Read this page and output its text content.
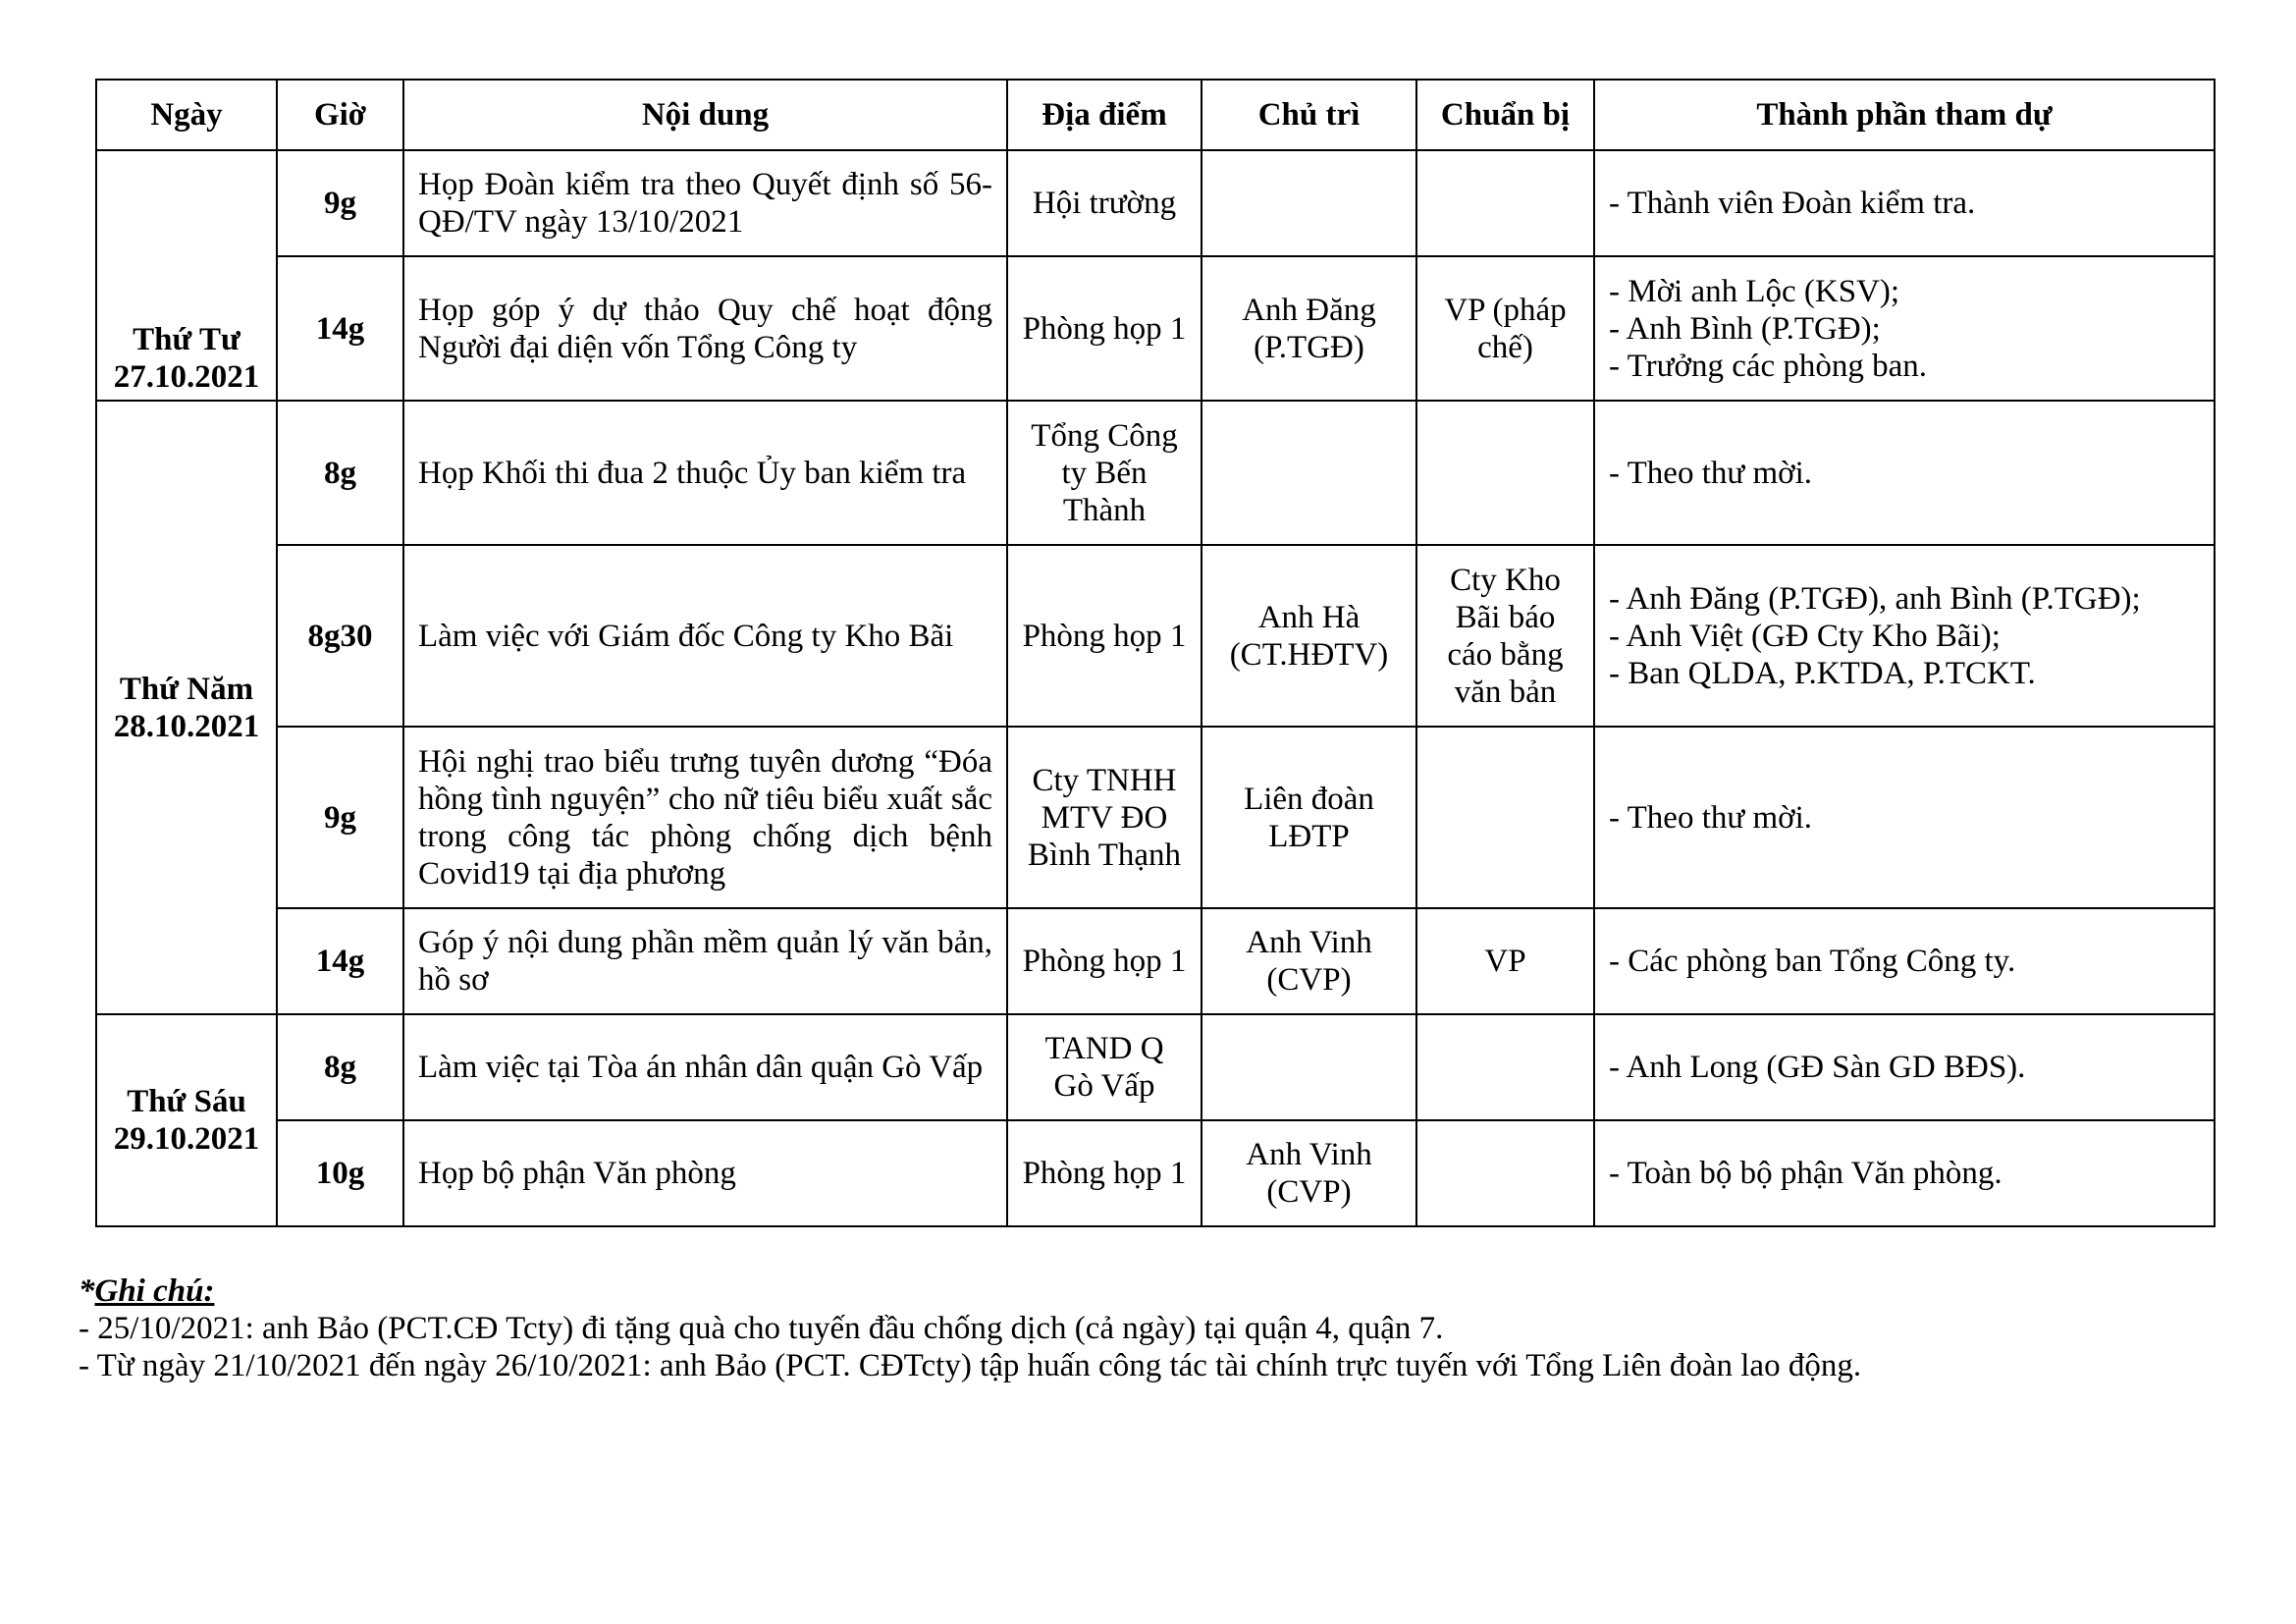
Ngày	Giờ	Nội dung	Địa điểm	Chủ trì	Chuẩn bị	Thành phần tham dự

Thứ Tư
27.10.2021	9g	Họp Đoàn kiểm tra theo Quyết định số 56-QĐ/TV ngày 13/10/2021	Hội trường			- Thành viên Đoàn kiểm tra.

	14g	Họp góp ý dự thảo Quy chế hoạt động Người đại diện vốn Tổng Công ty	Phòng họp 1	Anh Đăng (P.TGĐ)	VP (pháp chế)	- Mời anh Lộc (KSV);
- Anh Bình (P.TGĐ);
- Trưởng các phòng ban.

Thứ Năm
28.10.2021	8g	Họp Khối thi đua 2 thuộc Ủy ban kiểm tra	Tổng Công ty Bến Thành			- Theo thư mời.

	8g30	Làm việc với Giám đốc Công ty Kho Bãi	Phòng họp 1	Anh Hà (CT.HĐTV)	Cty Kho Bãi báo cáo bằng văn bản	- Anh Đăng (P.TGĐ), anh Bình (P.TGĐ);
- Anh Việt (GĐ Cty Kho Bãi);
- Ban QLDA, P.KTDA, P.TCKT.

	9g	Hội nghị trao biểu trưng tuyên dương “Đóa hồng tình nguyện” cho nữ tiêu biểu xuất sắc trong công tác phòng chống dịch bệnh Covid19 tại địa phương	Cty TNHH MTV ĐO Bình Thạnh	Liên đoàn LĐTP		- Theo thư mời.

	14g	Góp ý nội dung phần mềm quản lý văn bản, hồ sơ	Phòng họp 1	Anh Vinh (CVP)	VP	- Các phòng ban Tổng Công ty.

Thứ Sáu
29.10.2021	8g	Làm việc tại Tòa án nhân dân quận Gò Vấp	TAND Q Gò Vấp			- Anh Long (GĐ Sàn GD BĐS).

	10g	Họp bộ phận Văn phòng	Phòng họp 1	Anh Vinh (CVP)		- Toàn bộ bộ phận Văn phòng.
*Ghi chú:
- 25/10/2021: anh Bảo (PCT.CĐ Tcty) đi tặng quà cho tuyến đầu chống dịch (cả ngày) tại quận 4, quận 7.
- Từ ngày 21/10/2021 đến ngày 26/10/2021: anh Bảo (PCT. CĐTcty) tập huấn công tác tài chính trực tuyến với Tổng Liên đoàn lao động.
